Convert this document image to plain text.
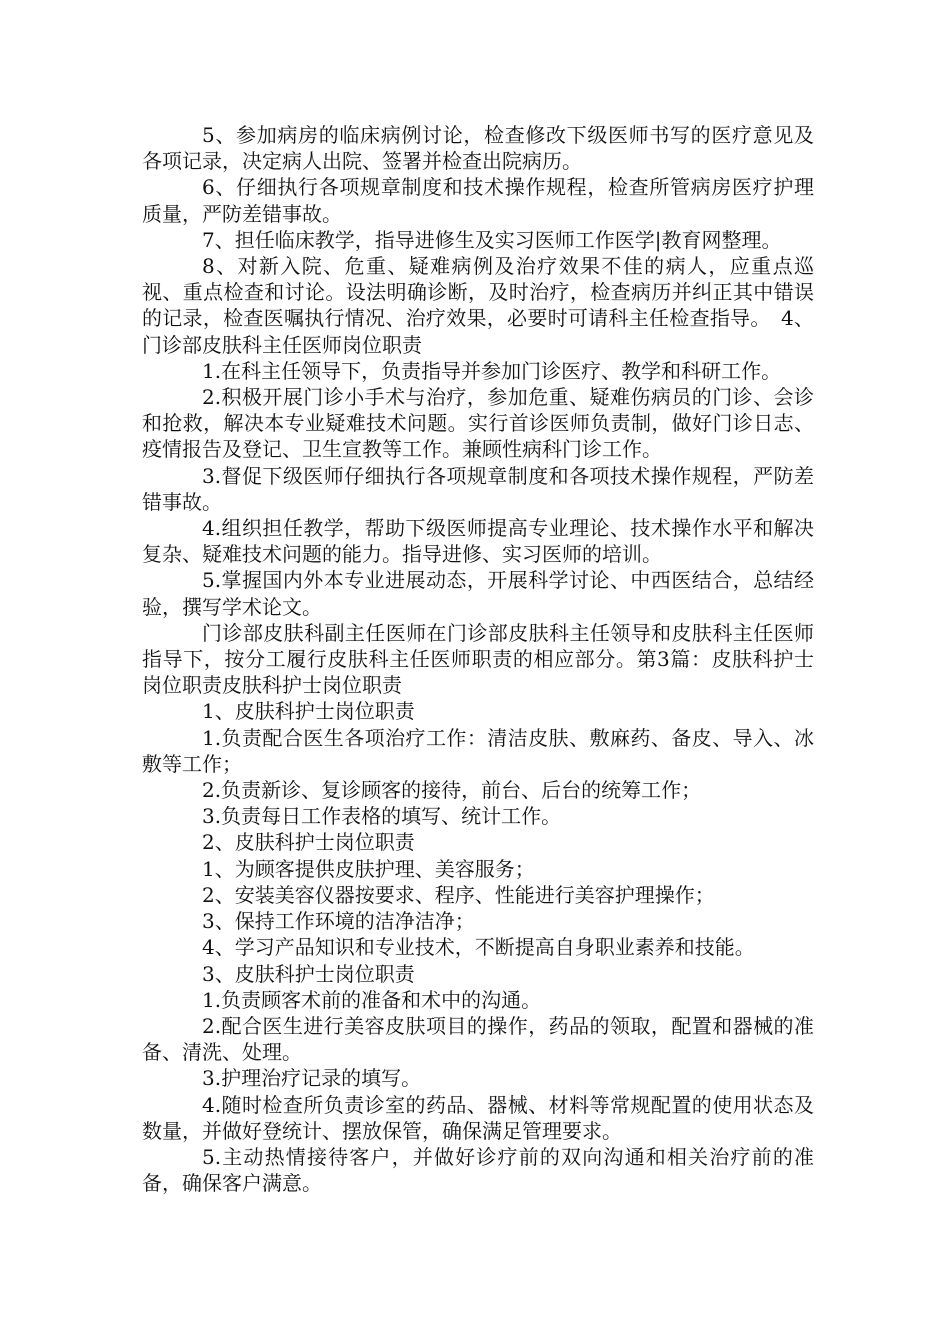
5、参加病房的临床病例讨论，检查修改下级医师书写的医疗意见及各项记录，决定病人出院、签署并检查出院病历。

6、仔细执行各项规章制度和技术操作规程，检查所管病房医疗护理质量，严防差错事故。

7、担任临床教学，指导进修生及实习医师工作医学|教育网整理。

8、对新入院、危重、疑难病例及治疗效果不佳的病人，应重点巡视、重点检查和讨论。设法明确诊断，及时治疗，检查病历并纠正其中错误的记录，检查医嘱执行情况、治疗效果，必要时可请科主任检查指导。　4、门诊部皮肤科主任医师岗位职责

1.在科主任领导下，负责指导并参加门诊医疗、教学和科研工作。

2.积极开展门诊小手术与治疗，参加危重、疑难伤病员的门诊、会诊和抢救，解决本专业疑难技术问题。实行首诊医师负责制，做好门诊日志、疫情报告及登记、卫生宣教等工作。兼顾性病科门诊工作。

3.督促下级医师仔细执行各项规章制度和各项技术操作规程，严防差错事故。

4.组织担任教学，帮助下级医师提高专业理论、技术操作水平和解决复杂、疑难技术问题的能力。指导进修、实习医师的培训。

5.掌握国内外本专业进展动态，开展科学讨论、中西医结合，总结经验，撰写学术论文。

门诊部皮肤科副主任医师在门诊部皮肤科主任领导和皮肤科主任医师指导下，按分工履行皮肤科主任医师职责的相应部分。第3篇：皮肤科护士岗位职责皮肤科护士岗位职责

1、皮肤科护士岗位职责

1.负责配合医生各项治疗工作：清洁皮肤、敷麻药、备皮、导入、冰敷等工作；

2.负责新诊、复诊顾客的接待，前台、后台的统筹工作；

3.负责每日工作表格的填写、统计工作。

2、皮肤科护士岗位职责

1、为顾客提供皮肤护理、美容服务；

2、安装美容仪器按要求、程序、性能进行美容护理操作；

3、保持工作环境的洁净洁净；

4、学习产品知识和专业技术，不断提高自身职业素养和技能。

3、皮肤科护士岗位职责

1.负责顾客术前的准备和术中的沟通。

2.配合医生进行美容皮肤项目的操作，药品的领取，配置和器械的准备、清洗、处理。

3.护理治疗记录的填写。

4.随时检查所负责诊室的药品、器械、材料等常规配置的使用状态及数量，并做好登统计、摆放保管，确保满足管理要求。

5.主动热情接待客户，并做好诊疗前的双向沟通和相关治疗前的准备，确保客户满意。
